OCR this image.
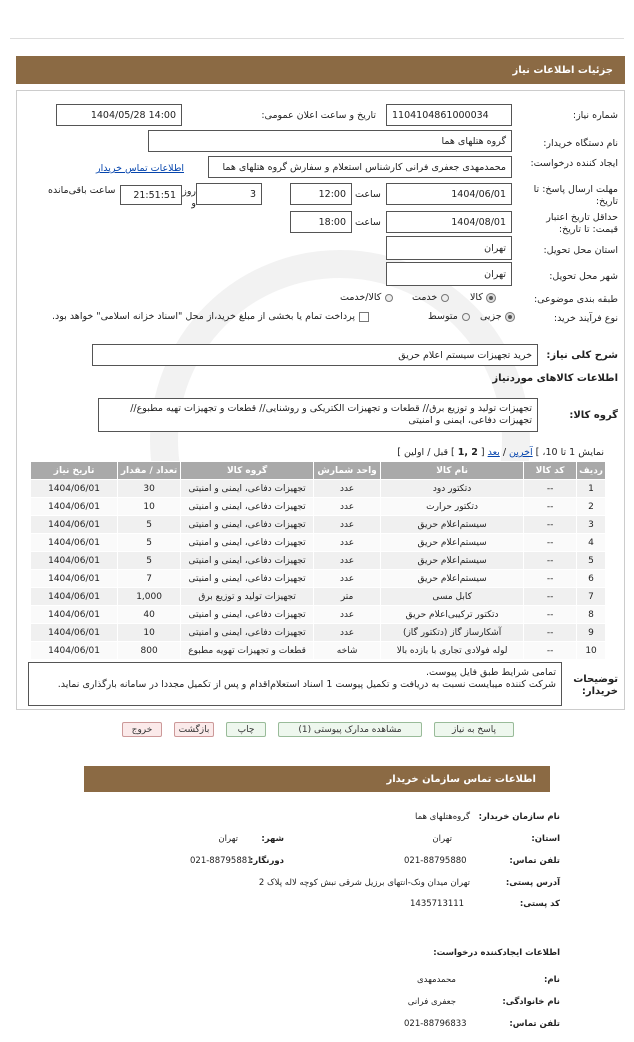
جزئیات اطلاعات نیاز
شماره نیاز:
1104104861000034
تاریخ و ساعت اعلان عمومی:
1404/05/28 14:00
نام دستگاه خریدار:
گروه هتلهای هما
ایجاد کننده درخواست:
محمدمهدی جعفری فرانی کارشناس استعلام و سفارش گروه هتلهای هما
اطلاعات تماس خریدار
مهلت ارسال پاسخ: تا تاریخ:
1404/06/01
ساعت
12:00
3
روز و
21:51:51
ساعت باقی‌مانده
حداقل تاریخ اعتبار قیمت: تا تاریخ:
1404/08/01
ساعت
18:00
استان محل تحویل:
تهران
شهر محل تحویل:
تهران
طبقه بندی موضوعی:
کالا
خدمت
کالا/خدمت
نوع فرآیند خرید:
جزیی
متوسط
پرداخت تمام یا بخشی از مبلغ خرید،از محل "اسناد خزانه اسلامی" خواهد بود.
شرح کلی نیاز:
خرید تجهیزات سیستم اعلام حریق
اطلاعات کالاهای مورد‌نیاز
گروه کالا:
تجهیزات تولید و توزیع برق// قطعات و تجهیزات الکتریکی و روشنایی// قطعات و تجهیزات تهیه مطبوع// تجهیزات دفاعی، ایمنی و امنیتی
نمایش 1 تا 10،
]
آخرین
/
بعد
[
2 ,1
]
قبل
/
اولین
]
ردیف	کد کالا	نام کالا	واحد شمارش	گروه کالا	تعداد / مقدار	تاریخ نیاز
1	--	دتکتور دود	عدد	تجهیزات دفاعی، ایمنی و امنیتی	30	1404/06/01
2	--	دتکتور حرارت	عدد	تجهیزات دفاعی، ایمنی و امنیتی	10	1404/06/01
3	--	سیستم‌اعلام حریق	عدد	تجهیزات دفاعی، ایمنی و امنیتی	5	1404/06/01
4	--	سیستم‌اعلام حریق	عدد	تجهیزات دفاعی، ایمنی و امنیتی	5	1404/06/01
5	--	سیستم‌اعلام حریق	عدد	تجهیزات دفاعی، ایمنی و امنیتی	5	1404/06/01
6	--	سیستم‌اعلام حریق	عدد	تجهیزات دفاعی، ایمنی و امنیتی	7	1404/06/01
7	--	کابل مسی	متر	تجهیزات تولید و توزیع برق	1,000	1404/06/01
8	--	دتکتور ترکیبی‌اعلام حریق	عدد	تجهیزات دفاعی، ایمنی و امنیتی	40	1404/06/01
9	--	آشکارساز گاز (دتکتور گاز)	عدد	تجهیزات دفاعی، ایمنی و امنیتی	10	1404/06/01
10	--	لوله فولادی تجاری با بازده بالا	شاخه	قطعات و تجهیزات تهویه مطبوع	800	1404/06/01
توضیحات خریدار:
تمامی شرایط طبق فایل پیوست.
شرکت کننده میبایست نسبت به دریافت و تکمیل پیوست 1 اسناد استعلام‌اقدام و پس از تکمیل مجددا در سامانه بارگذاری نماید.
پاسخ به نیاز
مشاهده مدارک پیوستی (1)
چاپ
بازگشت
خروج
اطلاعات تماس سازمان خریدار
نام سازمان خریدار:
گروه‌هتلهای هما
استان:
تهران
شهر:
تهران
تلفن تماس:
021-88795880
دورنگار:
021-88795881
آدرس پستی:
تهران میدان ونک-انتهای برزیل شرقی نبش کوچه لاله پلاک 2
کد پستی:
1435713111
اطلاعات ایجادکننده درخواست:
نام:
محمدمهدی
نام خانوادگی:
جعفری فرانی
تلفن تماس:
021-88796833
